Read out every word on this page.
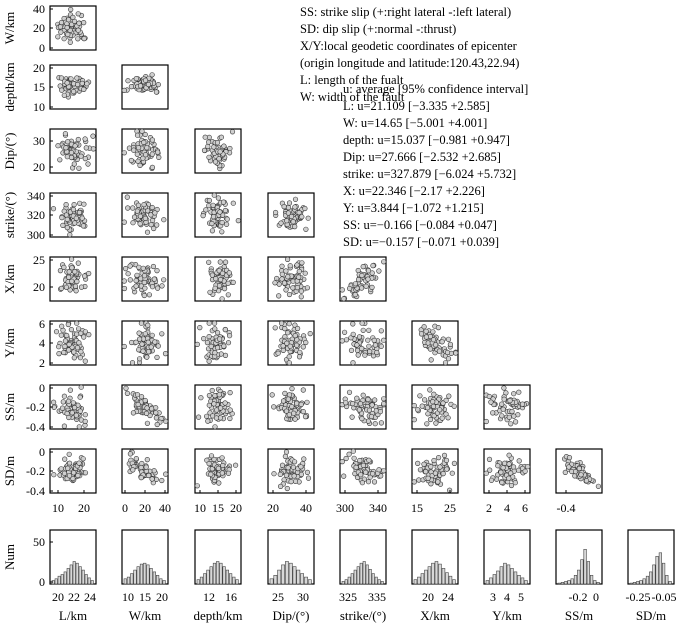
40
20
0
W/km
20
15
10
depth/km
30
20
Dip/(°)
340
320
300
strike/(°)
25
20
X/km
6
4
2
Y/km
0
-0.2
-0.4
SS/m
0
-0.2
-0.4
SD/m
50
0
Num
10 20	0 20 40 10 15 20 20 40 300 340 15 25	2 4 6 -0.4
20 22 24
L/km
10 15 20
W/km
12 16
depth/km
25 30
Dip/(°)
325 335
strike/(°)
20 24
X/km
3 4 5
Y/km
-0.2 0
SS/m
-0.25 -0.05
SD/m
SS: strike slip (+:right lateral -:left lateral)
SD: dip slip (+:normal -:thrust)
X/Y:local geodetic coordinates of epicenter
(origin longitude and latitude:120.43,22.94)
L: length of the fualt
W: width of the fault
u: average [95% confidence interval]
L: u=21.109 [−3.335 +2.585]
W: u=14.65 [−5.001 +4.001]
depth: u=15.037 [−0.981 +0.947]
Dip: u=27.666 [−2.532 +2.685]
strike: u=327.879 [−6.024 +5.732]
X: u=22.346 [−2.17 +2.226]
Y: u=3.844 [−1.072 +1.215]
SS: u=−0.166 [−0.084 +0.047]
SD: u=−0.157 [−0.071 +0.039]
